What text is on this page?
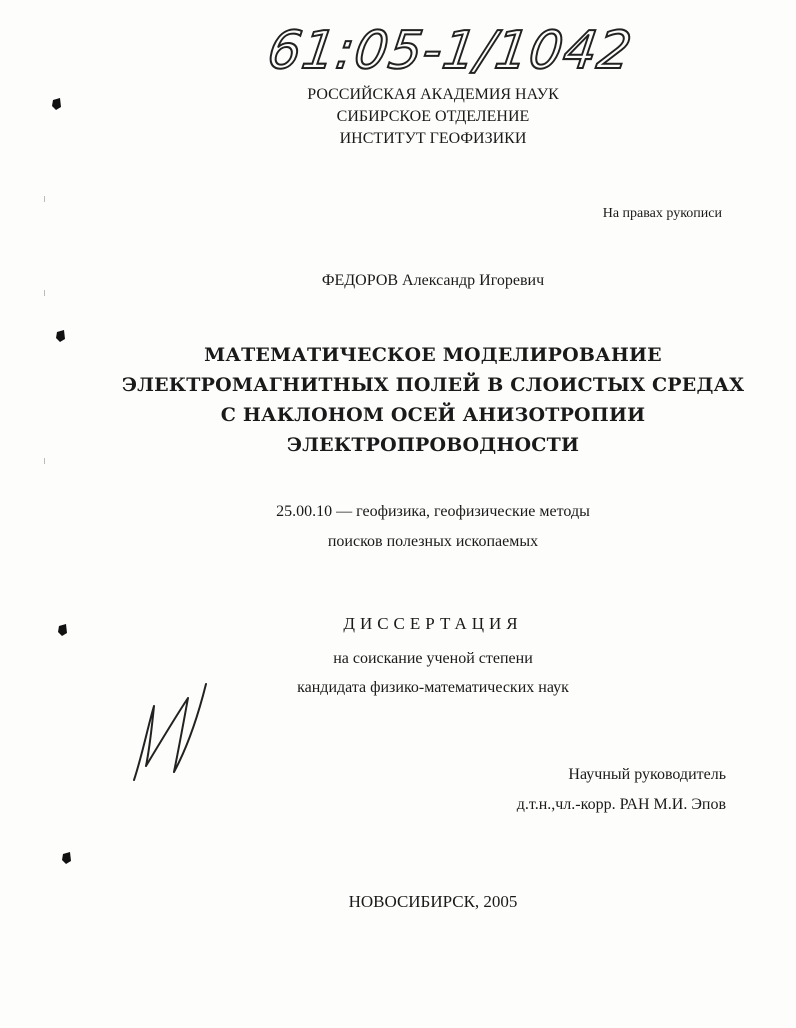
61:05-1/1042
РОССИЙСКАЯ АКАДЕМИЯ НАУК
СИБИРСКОЕ ОТДЕЛЕНИЕ
ИНСТИТУТ ГЕОФИЗИКИ
На правах рукописи
ФЕДОРОВ Александр Игоревич
МАТЕМАТИЧЕСКОЕ МОДЕЛИРОВАНИЕ
ЭЛЕКТРОМАГНИТНЫХ ПОЛЕЙ В СЛОИСТЫХ СРЕДАХ
С НАКЛОНОМ ОСЕЙ АНИЗОТРОПИИ
ЭЛЕКТРОПРОВОДНОСТИ
25.00.10 — геофизика, геофизические методы
поисков полезных ископаемых
ДИССЕРТАЦИЯ
на соискание ученой степени
кандидата физико-математических наук
Научный руководитель
д.т.н.,чл.-корр. РАН М.И. Эпов
НОВОСИБИРСК, 2005
